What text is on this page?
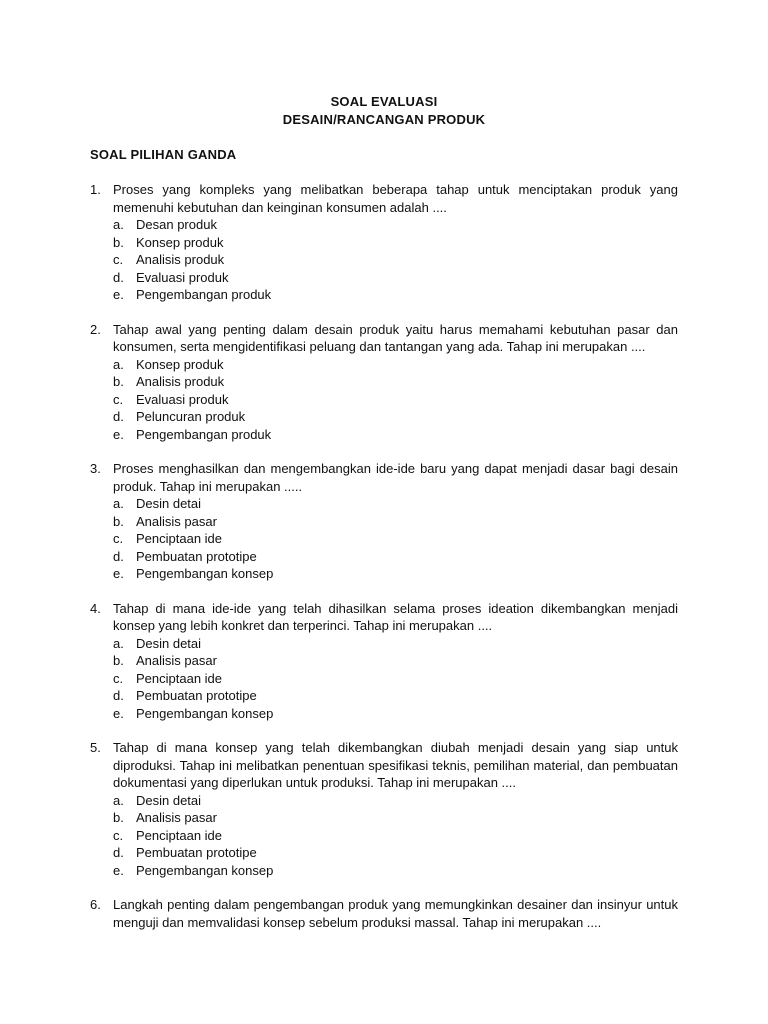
SOAL EVALUASI
DESAIN/RANCANGAN PRODUK
SOAL PILIHAN GANDA
1. Proses yang kompleks yang melibatkan beberapa tahap untuk menciptakan produk yang memenuhi kebutuhan dan keinginan konsumen adalah ....
a. Desan produk
b. Konsep produk
c. Analisis produk
d. Evaluasi produk
e. Pengembangan produk
2. Tahap awal yang penting dalam desain produk yaitu harus memahami kebutuhan pasar dan konsumen, serta mengidentifikasi peluang dan tantangan yang ada. Tahap ini merupakan ....
a. Konsep produk
b. Analisis produk
c. Evaluasi produk
d. Peluncuran produk
e. Pengembangan produk
3. Proses menghasilkan dan mengembangkan ide-ide baru yang dapat menjadi dasar bagi desain produk. Tahap ini merupakan .....
a. Desin detai
b. Analisis pasar
c. Penciptaan ide
d. Pembuatan prototipe
e. Pengembangan konsep
4. Tahap di mana ide-ide yang telah dihasilkan selama proses ideation dikembangkan menjadi konsep yang lebih konkret dan terperinci. Tahap ini merupakan ....
a. Desin detai
b. Analisis pasar
c. Penciptaan ide
d. Pembuatan prototipe
e. Pengembangan konsep
5. Tahap di mana konsep yang telah dikembangkan diubah menjadi desain yang siap untuk diproduksi. Tahap ini melibatkan penentuan spesifikasi teknis, pemilihan material, dan pembuatan dokumentasi yang diperlukan untuk produksi. Tahap ini merupakan ....
a. Desin detai
b. Analisis pasar
c. Penciptaan ide
d. Pembuatan prototipe
e. Pengembangan konsep
6. Langkah penting dalam pengembangan produk yang memungkinkan desainer dan insinyur untuk menguji dan memvalidasi konsep sebelum produksi massal. Tahap ini merupakan ....
